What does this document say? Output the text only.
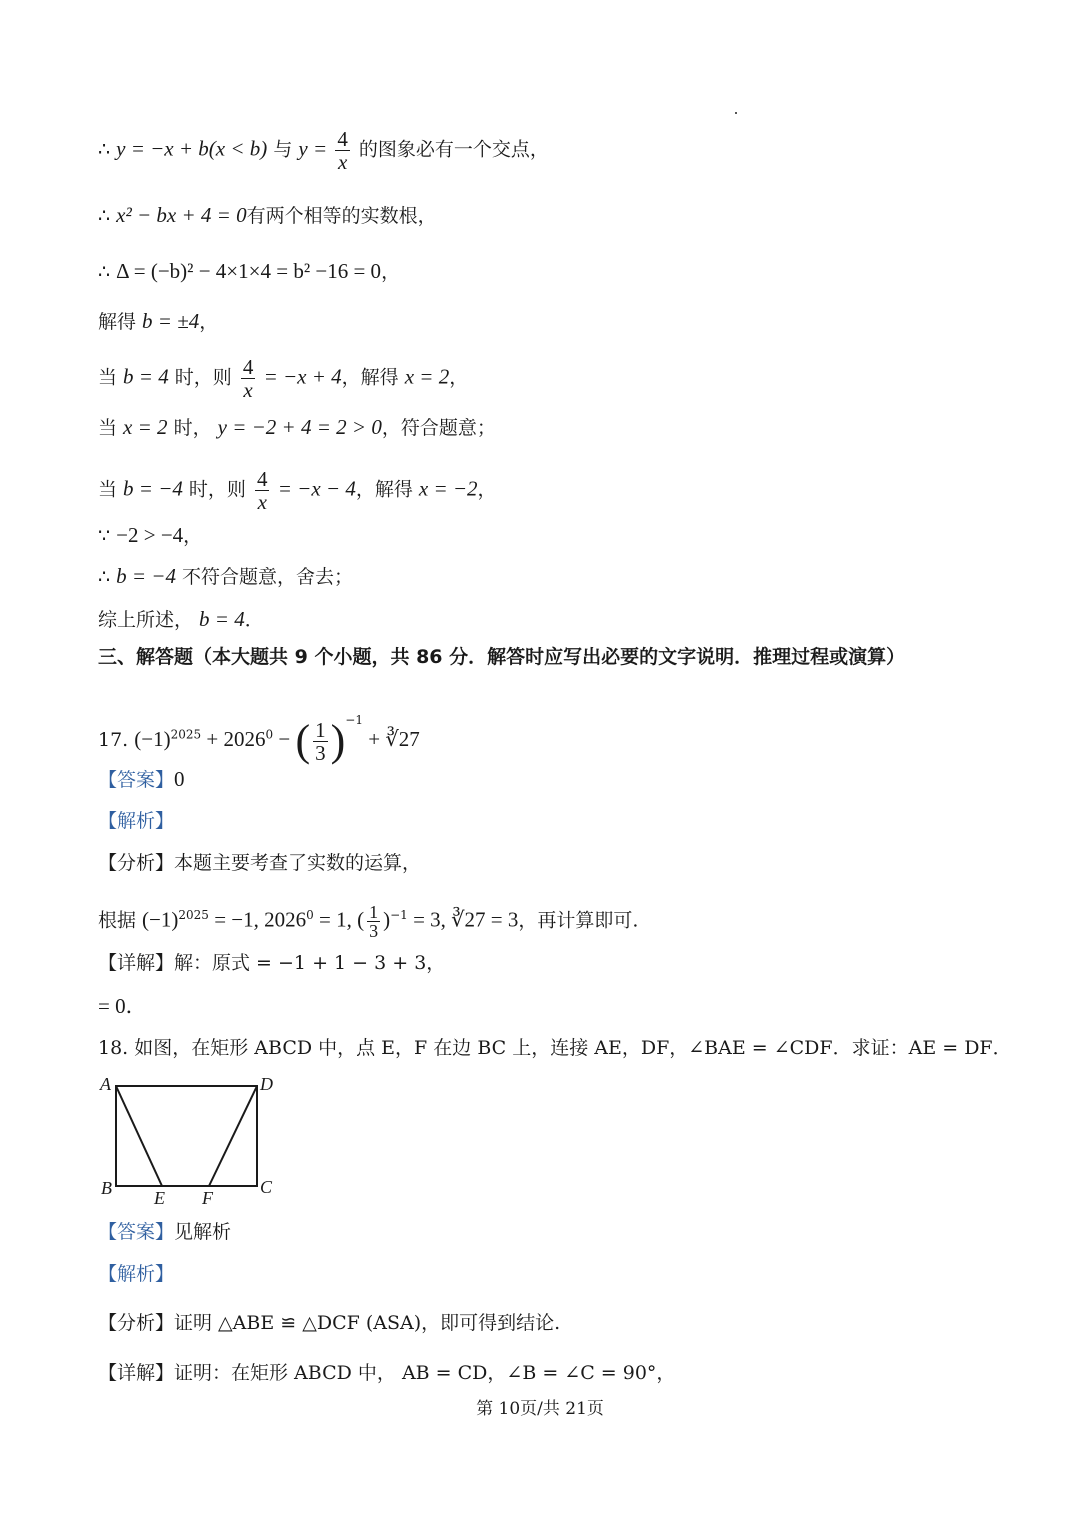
∴ y = −x + b(x < b) 与 $y = \frac{4}{x}$ 的图象必有一个交点，
∴ x² − bx + 4 = 0有两个相等的实数根，
∴ Δ = (−b)² − 4×1×4 = b² −16 = 0，
解得 b = ±4，
当 b = 4 时，则 $\frac{4}{x} = -x + 4$，解得 x = 2，
当 x = 2 时， y = −2 + 4 = 2 > 0，符合题意；
当 b = −4 时，则 $\frac{4}{x} = -x - 4$，解得 x = −2，
∵ −2 > −4，
∴ b = −4 不符合题意，舍去；
综上所述， b = 4．
三、解答题（本大题共 9 个小题，共 86 分．解答时应写出必要的文字说明．推理过程或演算）
17. $(-1)^{2025} + 2026^0$ − ( $\frac{1}{3} )^{-1}$ + ∛27
【答案】0
【解析】
【分析】本题主要考查了实数的运算，
根据 $(-1)^{2025} = -1$, $2026^0 = 1$, ( $\frac{1}{3} )^{-1} = 3$, ∛27 = 3，再计算即可.
【详解】解：原式 = −1 + 1 − 3 + 3，
= 0．
18. 如图，在矩形 ABCD 中，点 E，F 在边 BC 上，连接 AE，DF，∠BAE = ∠CDF．求证：AE = DF．
A	D
B	C
E F
【答案】见解析
【解析】
【分析】证明 △ABE ≌ △DCF (ASA)，即可得到结论.
【详解】证明：在矩形 ABCD 中， AB = CD，∠B = ∠C = 90°，
第 10页/共 21页
